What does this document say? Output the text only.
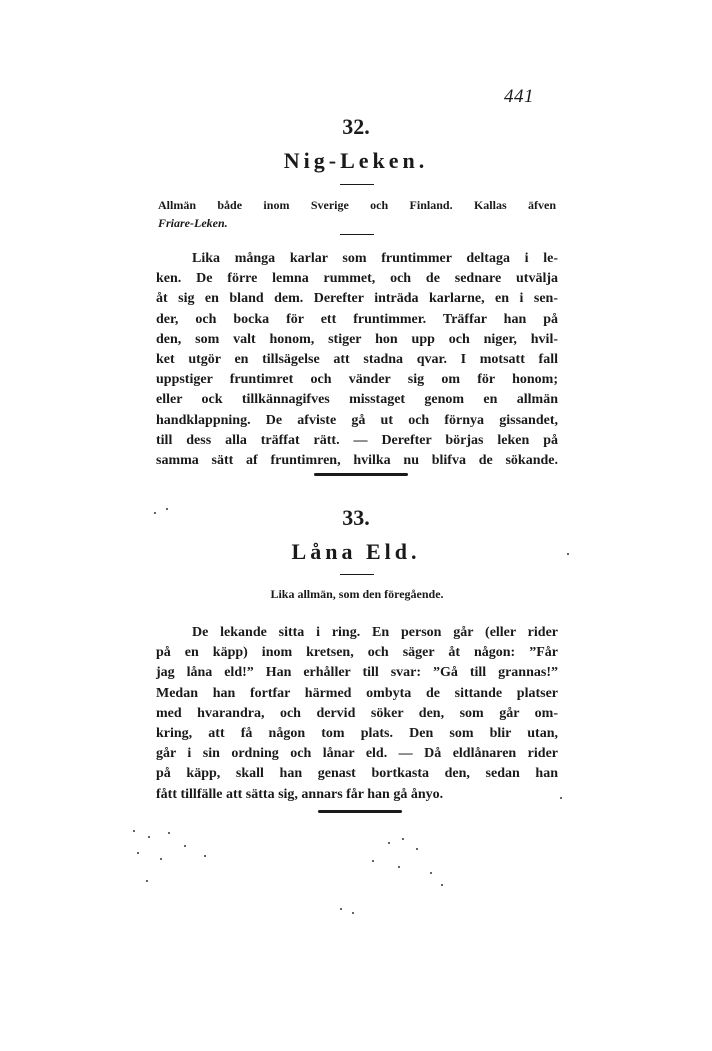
441
32.
Nig-Leken.
Allmän både inom Sverige och Finland. Kallas äfven
Friare-Leken.
Lika många karlar som fruntimmer deltaga i le-
ken. De förre lemna rummet, och de sednare utvälja
åt sig en bland dem. Derefter inträda karlarne, en i sen-
der, och bocka för ett fruntimmer. Träffar han på
den, som valt honom, stiger hon upp och niger, hvil-
ket utgör en tillsägelse att stadna qvar. I motsatt fall
uppstiger fruntimret och vänder sig om för honom;
eller ock tillkännagifves misstaget genom en allmän
handklappning. De afviste gå ut och förnya gissandet,
till dess alla träffat rätt. — Derefter börjas leken på
samma sätt af fruntimren, hvilka nu blifva de sökande.
33.
Låna Eld.
Lika allmän, som den föregående.
De lekande sitta i ring. En person går (eller rider
på en käpp) inom kretsen, och säger åt någon: ”Får
jag låna eld!” Han erhåller till svar: ”Gå till grannas!”
Medan han fortfar härmed ombyta de sittande platser
med hvarandra, och dervid söker den, som går om-
kring, att få någon tom plats. Den som blir utan,
går i sin ordning och lånar eld. — Då eldlånaren rider
på käpp, skall han genast bortkasta den, sedan han
fått tillfälle att sätta sig, annars får han gå ånyo.
